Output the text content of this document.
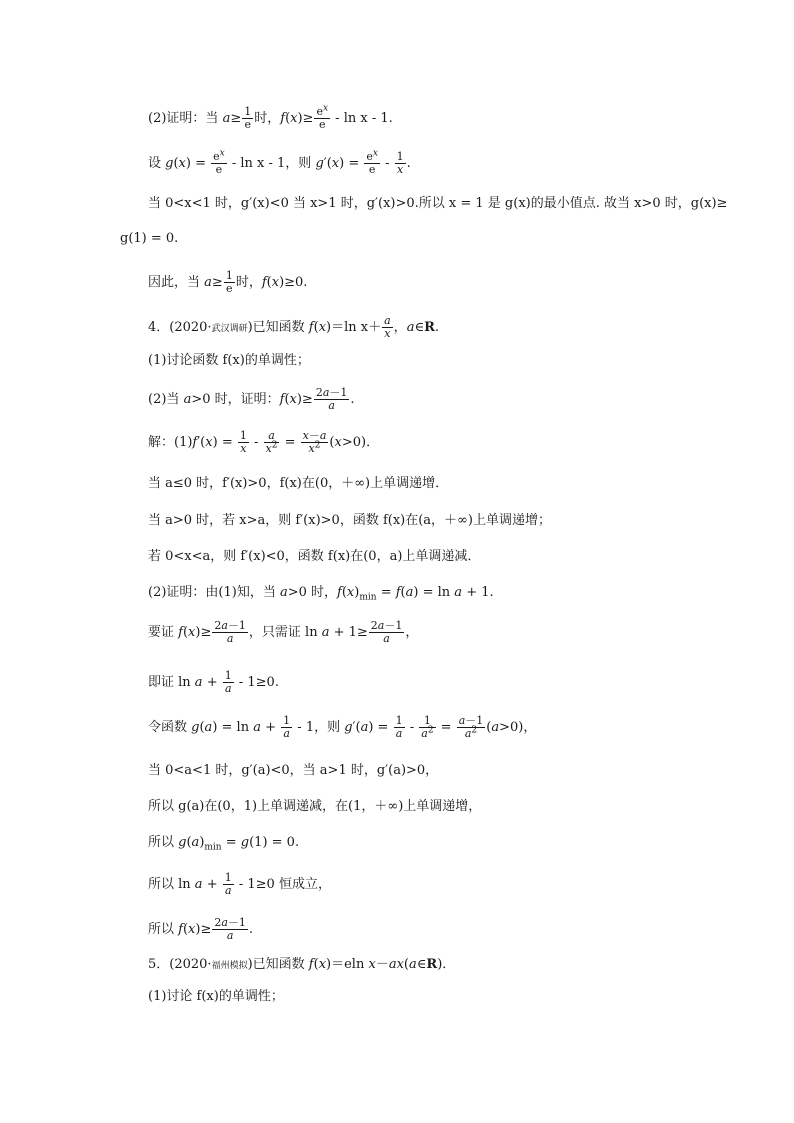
(2)证明：当 $a\ge \frac{1}{e}$ 时，$f(x)\ge \frac{e^x}{e} - \ln x - 1$.
设 $g(x) = \frac{e^x}{e} - \ln x - 1$，则 $g'(x) = \frac{e^x}{e} - \frac{1}{x}$ .
当 0<x<1 时，g′(x)<0 当 x>1 时，g′(x)>0.所以 x = 1 是 g(x)的最小值点. 故当 x>0 时，g(x)≥
g(1) = 0.
因此，当 $a\ge \frac{1}{e}$ 时，f(x)≥0.
4．(2020·武汉调研)已知函数 f(x)＝ln $x+ \frac{a}{x}$ ，a∈R.
(1)讨论函数 f(x)的单调性；
(2)当 a>0 时，证明：$f(x)\ge \frac{2a-1}{a}$ .
解：$(1)f'(x) = \frac{1}{x} - \frac{a}{x^2} = \frac{x-a}{x^2} (x>0)$．
当 a≤0 时，f′(x)>0，f(x)在(0，＋∞)上单调递增．
当 a>0 时，若 x>a，则 f′(x)>0，函数 f(x)在(a，＋∞)上单调递增；
若 0<x<a，则 f′(x)<0，函数 f(x)在(0，a)上单调递减．
(2)证明：由(1)知，当 a>0 时，$f(x)_{min} = f(a) = \ln a + 1$.
要证 $f(x)\ge \frac{2a-1}{a}$ ，只需证 $\ln a + 1\ge \frac{2a-1}{a}$ ，
即证 $\ln a + \frac{1}{a} - 1\ge 0$.
令函数 $g(a) = \ln a + \frac{1}{a} - 1$，则 $g'(a) = \frac{1}{a} - \frac{1}{a^2} = \frac{a-1}{a^2} (a>0)$，
当 0<a<1 时，g′(a)<0，当 a>1 时，g′(a)>0，
所以 g(a)在(0，1)上单调递减，在(1，＋∞)上单调递增，
所以 $g(a)_{min} = g(1) = 0$.
所以 $\ln a + \frac{1}{a} - 1\ge 0$ 恒成立，
所以 $f(x)\ge \frac{2a-1}{a}$ .
5．(2020·福州模拟)已知函数 f(x)＝eln x－ax(a∈R)．
(1)讨论 f(x)的单调性；
